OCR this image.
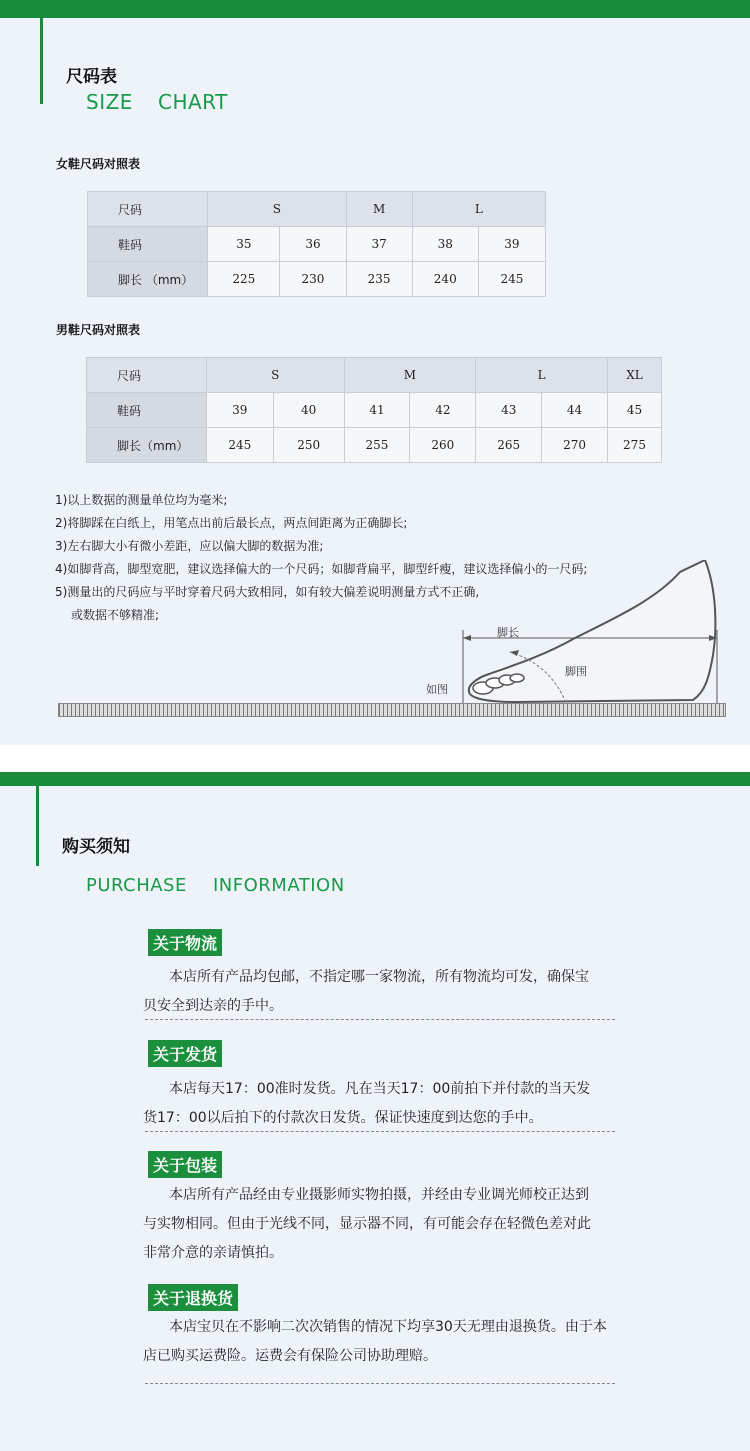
尺码表
SIZE CHART
女鞋尺码对照表
尺码	S		M	L	
鞋码	35	36	37	38	39
脚长 （mm）	225	230	235	240	245
男鞋尺码对照表
尺码	S		M		L		XL
鞋码	39	40	41	42	43	44	45
脚长（mm）	245	250	255	260	265	270	275
1)以上数据的测量单位均为毫米;
2)将脚踩在白纸上，用笔点出前后最长点，两点间距离为正确脚长;
3)左右脚大小有微小差距，应以偏大脚的数据为准;
4)如脚背高，脚型宽肥，建议选择偏大的一个尺码；如脚背扁平，脚型纤瘦，建议选择偏小的一尺码;
5)测量出的尺码应与平时穿着尺码大致相同，如有较大偏差说明测量方式不正确,
或数据不够精准;
脚长
脚围
如图
购买须知
PURCHASE INFORMATION
关于物流
本店所有产品均包邮，不指定哪一家物流，所有物流均可发，确保宝
贝安全到达亲的手中。
关于发货
本店每天17：00准时发货。凡在当天17：00前拍下并付款的当天发
货17：00以后拍下的付款次日发货。保证快速度到达您的手中。
关于包装
本店所有产品经由专业摄影师实物拍摄，并经由专业调光师校正达到
与实物相同。但由于光线不同，显示器不同，有可能会存在轻微色差对此
非常介意的亲请慎拍。
关于退换货
本店宝贝在不影响二次次销售的情况下均享30天无理由退换货。由于本
店已购买运费险。运费会有保险公司协助理赔。
